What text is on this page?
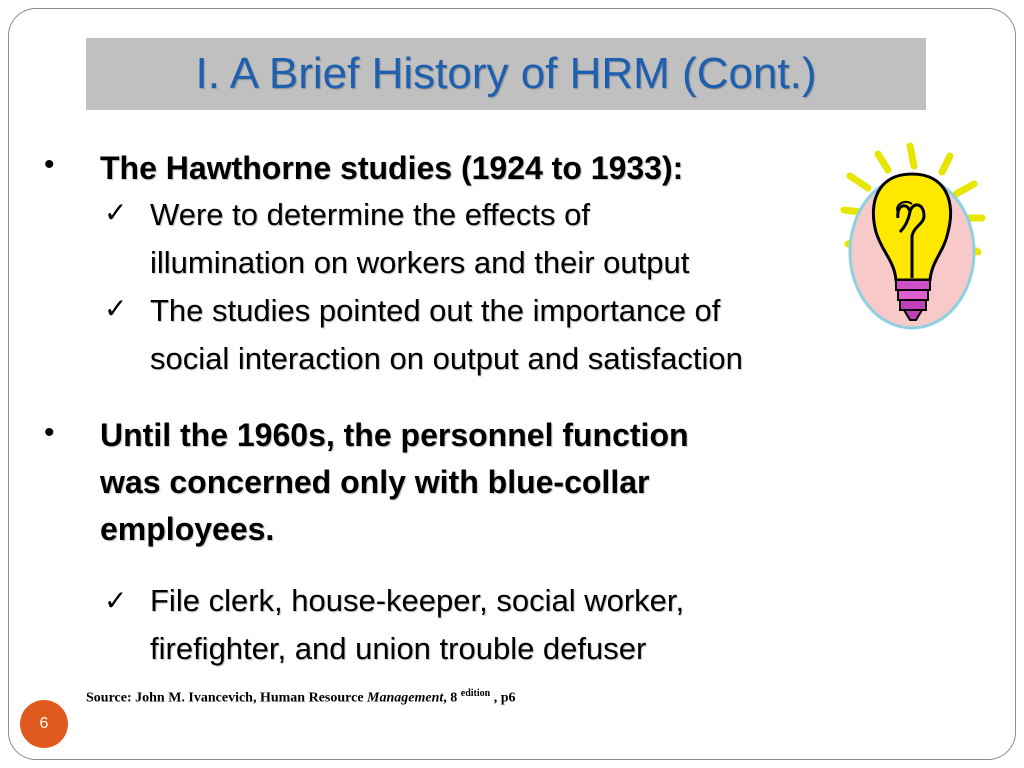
I. A Brief History of HRM (Cont.)
• The Hawthorne studies (1924 to 1933):
✓ Were to determine the effects of
illumination on workers and their output
✓ The studies pointed out the importance of
social interaction on output and satisfaction
• Until the 1960s, the personnel function
was concerned only with blue-collar
employees.
✓ File clerk, house-keeper, social worker,
firefighter, and union trouble defuser
Source: John M. Ivancevich, Human Resource Management, 8 $^{edition}$ , p6
6
